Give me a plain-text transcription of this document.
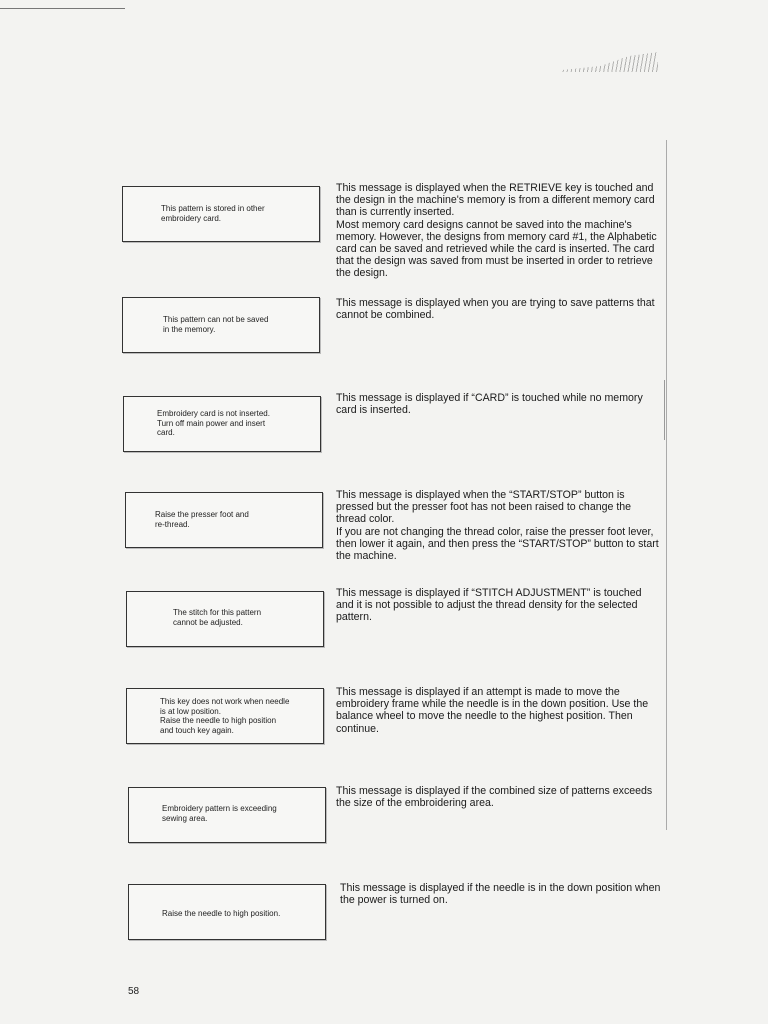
This pattern is stored in other
embroidery card.

This message is displayed when the RETRIEVE key is touched and the design in the machine's memory is from a different memory card than is currently inserted.

Most memory card designs cannot be saved into the machine's memory. However, the designs from memory card #1, the Alphabetic card can be saved and retrieved while the card is inserted. The card that the design was saved from must be inserted in order to retrieve the design.

This pattern can not be saved
in the memory.

This message is displayed when you are trying to save patterns that cannot be combined.

Embroidery card is not inserted.
Turn off main power and insert
card.

This message is displayed if “CARD” is touched while no memory card is inserted.

Raise the presser foot and
re-thread.

This message is displayed when the “START/STOP” button is pressed but the presser foot has not been raised to change the thread color.

If you are not changing the thread color, raise the presser foot lever, then lower it again, and then press the “START/STOP” button to start the machine.

The stitch for this pattern
cannot be adjusted.

This message is displayed if “STITCH ADJUSTMENT” is touched and it is not possible to adjust the thread density for the selected pattern.

This key does not work when needle
is at low position.
Raise the needle to high position
and touch key again.

This message is displayed if an attempt is made to move the embroidery frame while the needle is in the down position. Use the balance wheel to move the needle to the highest position. Then continue.

Embroidery pattern is exceeding
sewing area.

This message is displayed if the combined size of patterns exceeds the size of the embroidering area.

Raise the needle to high position.

This message is displayed if the needle is in the down position when the power is turned on.

58
